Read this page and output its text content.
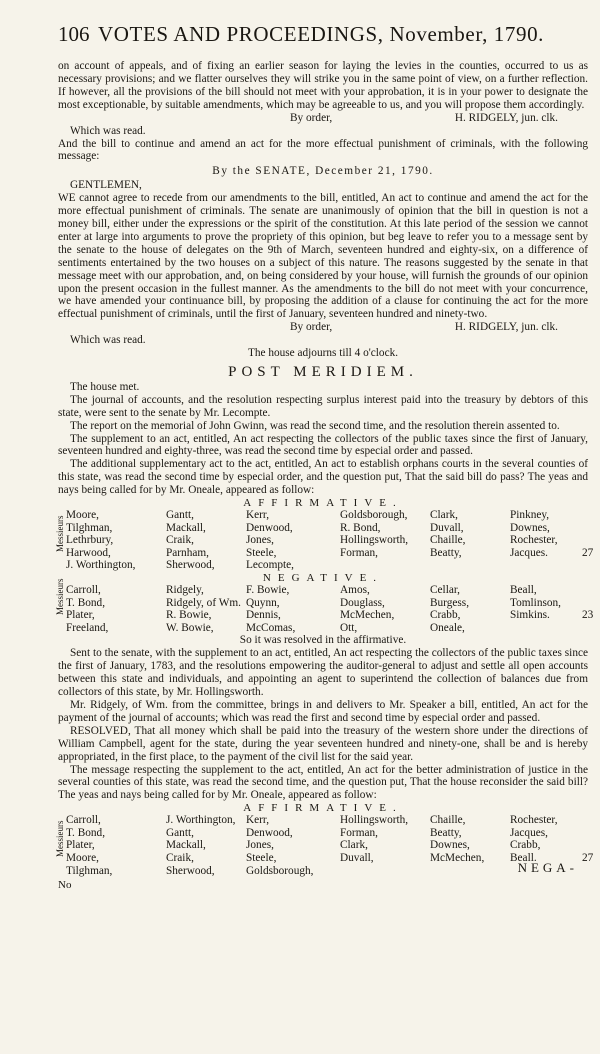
106 VOTES AND PROCEEDINGS, November, 1790.

on account of appeals, and of fixing an earlier season for laying the levies in the counties, occurred to us as necessary provisions; and we flatter ourselves they will strike you in the same point of view, on a further reflection. If however, all the provisions of the bill should not meet with your approbation, it is in your power to designate the most exceptionable, by suitable amendments, which may be agreeable to us, and you will propose them accordingly.

By order,	H. RIDGELY, jun. clk.

Which was read.

And the bill to continue and amend an act for the more effectual punishment of criminals, with the following message:

By the SENATE, December 21, 1790.

GENTLEMEN,

WE cannot agree to recede from our amendments to the bill, entitled, An act to continue and amend the act for the more effectual punishment of criminals. The senate are unanimously of opinion that the bill in question is not a money bill, either under the expressions or the spirit of the constitution. At this late period of the session we cannot enter at large into arguments to prove the propriety of this opinion, but beg leave to refer you to a message sent by the senate to the house of delegates on the 9th of March, seventeen hundred and eighty-six, on a difference of sentiments entertained by the two houses on a subject of this nature. The reasons suggested by the senate in that message meet with our approbation, and, on being considered by your house, will furnish the grounds of our opinion upon the present occasion in the fullest manner. As the amendments to the bill do not meet with your concurrence, we have amended your continuance bill, by proposing the addition of a clause for continuing the act for the more effectual punishment of criminals, until the first of January, seventeen hundred and ninety-two.

By order,	H. RIDGELY, jun. clk.

Which was read.

The house adjourns till 4 o'clock.

POST MERIDIEM.

The house met.

The journal of accounts, and the resolution respecting surplus interest paid into the treasury by debtors of this state, were sent to the senate by Mr. Lecompte.

The report on the memorial of John Gwinn, was read the second time, and the resolution therein assented to.

The supplement to an act, entitled, An act respecting the collectors of the public taxes since the first of January, seventeen hundred and eighty-three, was read the second time by especial order and passed.

The additional supplementary act to the act, entitled, An act to establish orphans courts in the several counties of this state, was read the second time by especial order, and the question put, That the said bill do pass? The yeas and nays being called for by Mr. Oneale, appeared as follow:

AFFIRMATIVE.
Moore,	Gantt,	Kerr,	Goldsborough, Clark,	Pinkney,
Tilghman,	Mackall,	Denwood,	R. Bond,	Duvall,	Downes,
Lethrbury,	Craik,	Jones,	Hollingsworth, Chaille,	Rochester,
Harwood,	Parnham,	Steele,	Forman,	Beatty,	Jacques.	27
J. Worthington,	Sherwood,	Lecompte,
NEGATIVE.
Carroll,	Ridgely,	F. Bowie,	Amos,	Cellar,	Beall,
T. Bond,	Ridgely, of Wm. Quynn,	Douglass,	Burgess,	Tomlinson,
Plater,	R. Bowie,	Dennis,	McMechen,	Crabb,	Simkins.	23
Freeland,	W. Bowie,	McComas,	Ott,	Oneale,
Messieurs
Messieurs

So it was resolved in the affirmative.

Sent to the senate, with the supplement to an act, entitled, An act respecting the collectors of the public taxes since the first of January, 1783, and the resolutions empowering the auditor-general to adjust and settle all open accounts between this state and individuals, and appointing an agent to superintend the collection of balances due from collectors of this state, by Mr. Hollingsworth.

Mr. Ridgely, of Wm. from the committee, brings in and delivers to Mr. Speaker a bill, entitled, An act for the payment of the journal of accounts; which was read the first and second time by especial order and passed.

RESOLVED, That all money which shall be paid into the treasury of the western shore under the directions of William Campbell, agent for the state, during the year seventeen hundred and ninety-one, shall be and is hereby appropriated, in the first place, to the payment of the civil list for the said year.

The message respecting the supplement to the act, entitled, An act for the better administration of justice in the several counties of this state, was read the second time, and the question put, That the house reconsider the said bill? The yeas and nays being called for by Mr. Oneale, appeared as follow:

AFFIRMATIVE.
Carroll,	J. Worthington, Kerr,	Hollingsworth, Chaille,	Rochester,
T. Bond,	Gantt,	Denwood,	Forman,	Beatty,	Jacques,
Plater,	Mackall,	Jones,	Clark,	Downes,	Crabb,
Moore,	Craik,	Steele,	Duvall,	McMechen, Beall.	27
Tilghman,	Sherwood,	Goldsborough,
Messieurs
NEGA-
No
